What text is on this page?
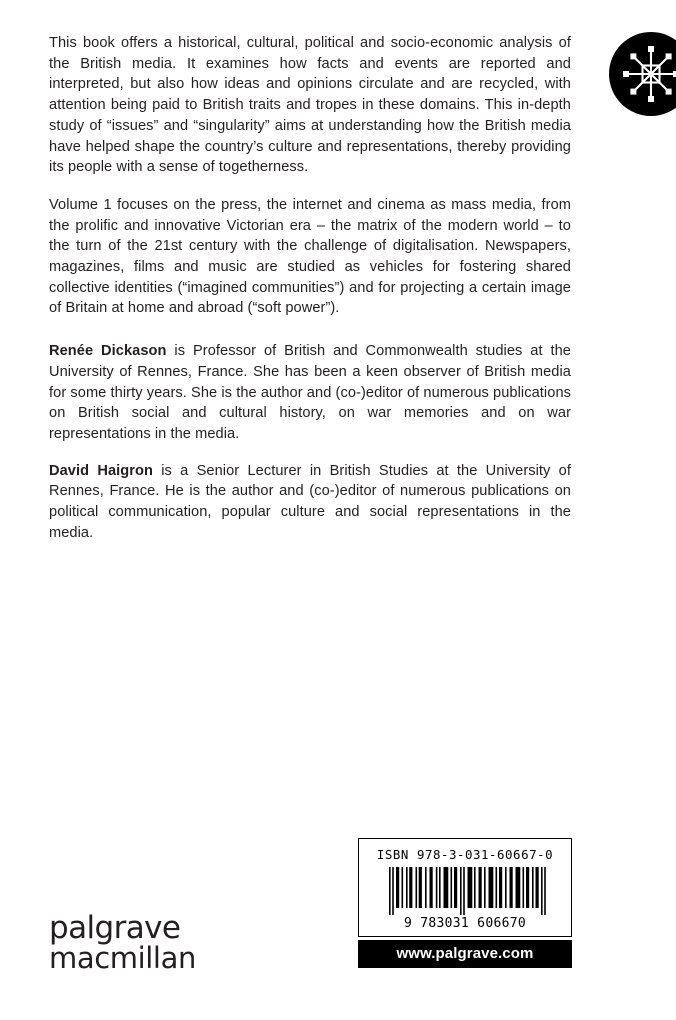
This book offers a historical, cultural, political and socio-economic analysis of the British media. It examines how facts and events are reported and interpreted, but also how ideas and opinions circulate and are recycled, with attention being paid to British traits and tropes in these domains. This in-depth study of “issues” and “singularity” aims at understanding how the British media have helped shape the country’s culture and representations, thereby providing its people with a sense of togetherness.

Volume 1 focuses on the press, the internet and cinema as mass media, from the prolific and innovative Victorian era – the matrix of the modern world – to the turn of the 21st century with the challenge of digitalisation. Newspapers, magazines, films and music are studied as vehicles for fostering shared collective identities (“imagined communities”) and for projecting a certain image of Britain at home and abroad (“soft power”).

Renée Dickason is Professor of British and Commonwealth studies at the University of Rennes, France. She has been a keen observer of British media for some thirty years. She is the author and (co-)editor of numerous publications on British social and cultural history, on war memories and on war representations in the media.

David Haigron is a Senior Lecturer in British Studies at the University of Rennes, France. He is the author and (co-)editor of numerous publications on political communication, popular culture and social representations in the media.

palgrave
macmillan
ISBN 978-3-031-60667-0
9 783031 606670
www.palgrave.com
